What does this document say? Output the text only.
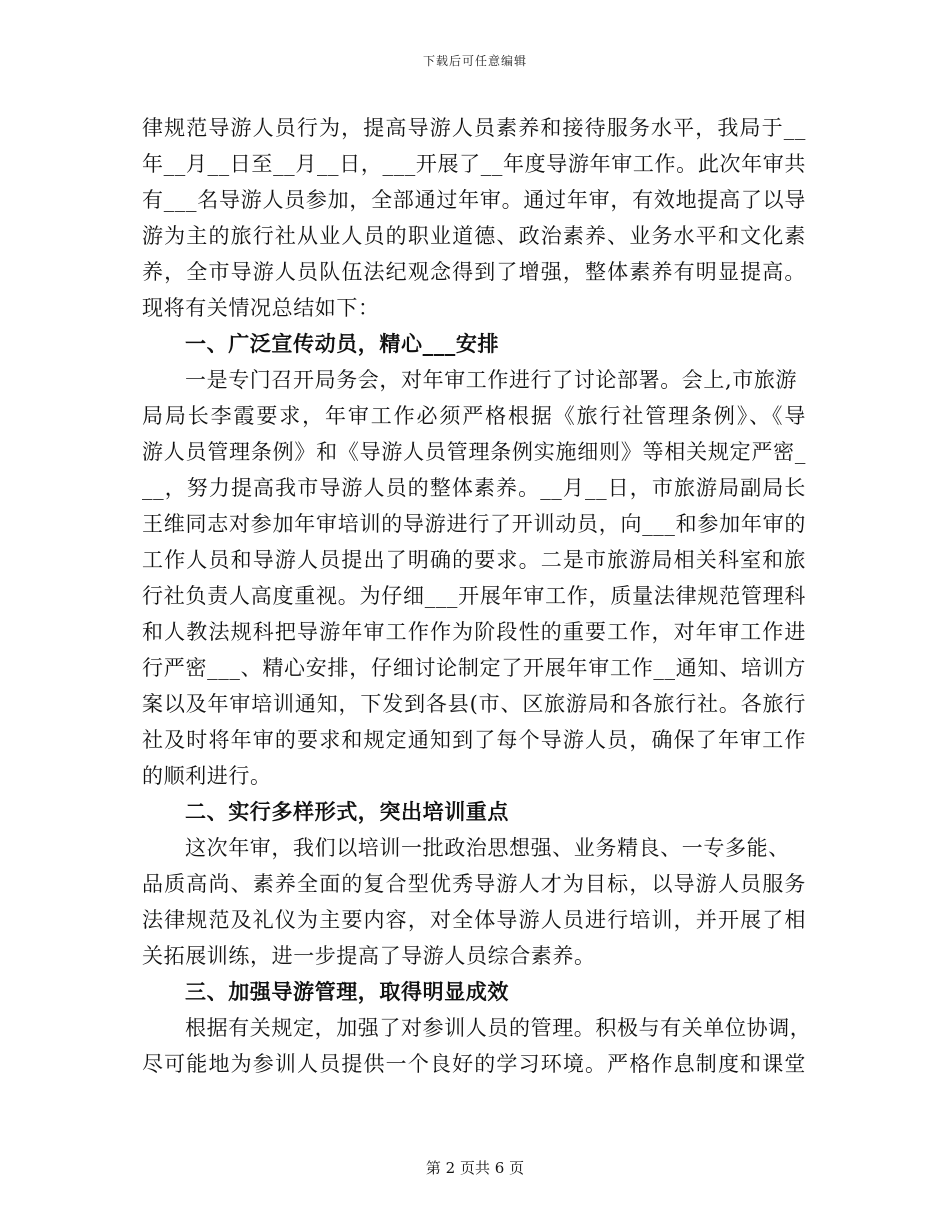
下载后可任意编辑
律规范导游人员行为，提高导游人员素养和接待服务水平，我局于__
年__月__日至__月__日，___开展了__年度导游年审工作。此次年审共
有___名导游人员参加，全部通过年审。通过年审，有效地提高了以导
游为主的旅行社从业人员的职业道德、政治素养、业务水平和文化素
养，全市导游人员队伍法纪观念得到了增强，整体素养有明显提高。
现将有关情况总结如下：
一、广泛宣传动员，精心___安排
一是专门召开局务会，对年审工作进行了讨论部署。会上,市旅游
局局长李霞要求，年审工作必须严格根据《旅行社管理条例》、《导
游人员管理条例》和《导游人员管理条例实施细则》等相关规定严密_
__，努力提高我市导游人员的整体素养。__月__日，市旅游局副局长
王维同志对参加年审培训的导游进行了开训动员，向___和参加年审的
工作人员和导游人员提出了明确的要求。二是市旅游局相关科室和旅
行社负责人高度重视。为仔细___开展年审工作，质量法律规范管理科
和人教法规科把导游年审工作作为阶段性的重要工作，对年审工作进
行严密___、精心安排，仔细讨论制定了开展年审工作__通知、培训方
案以及年审培训通知，下发到各县(市、区旅游局和各旅行社。各旅行
社及时将年审的要求和规定通知到了每个导游人员，确保了年审工作
的顺利进行。
二、实行多样形式，突出培训重点
这次年审，我们以培训一批政治思想强、业务精良、一专多能、
品质高尚、素养全面的复合型优秀导游人才为目标，以导游人员服务
法律规范及礼仪为主要内容，对全体导游人员进行培训，并开展了相
关拓展训练，进一步提高了导游人员综合素养。
三、加强导游管理，取得明显成效
根据有关规定，加强了对参训人员的管理。积极与有关单位协调，
尽可能地为参训人员提供一个良好的学习环境。严格作息制度和课堂
第 2 页共 6 页
